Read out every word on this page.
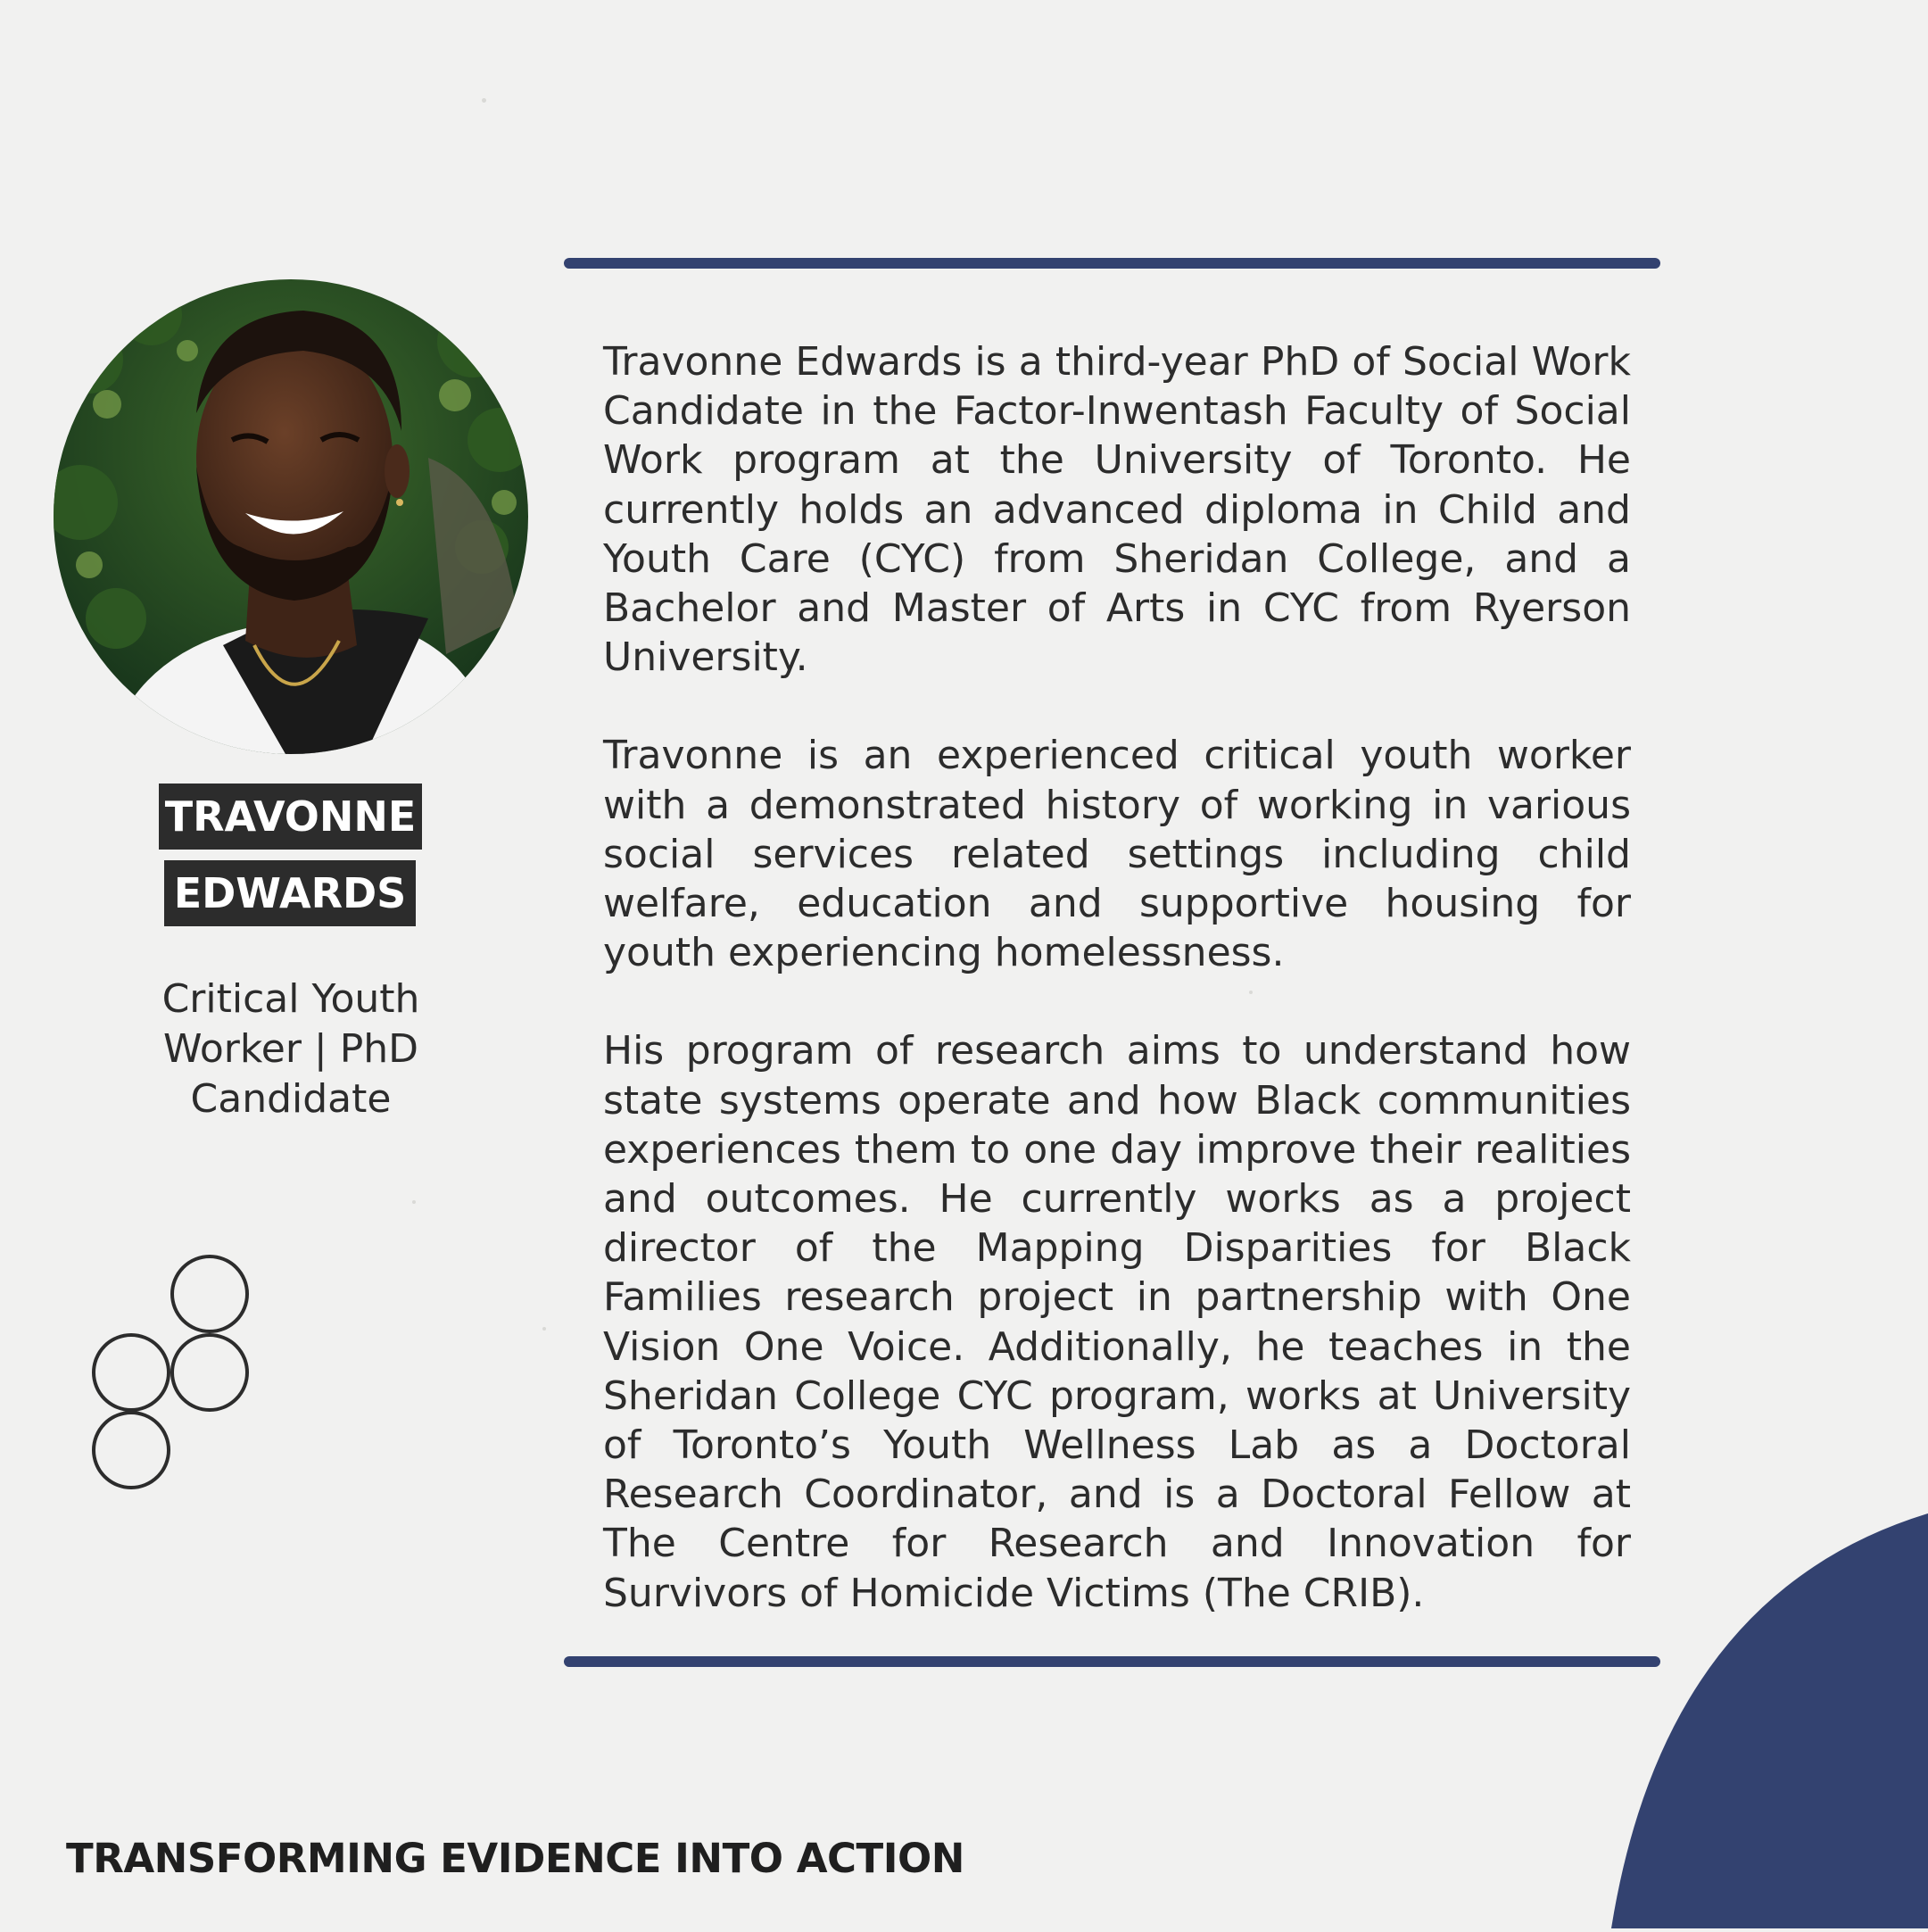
TRAVONNE
EDWARDS
Critical Youth Worker | PhD Candidate

Travonne Edwards is a third-year PhD of Social Work Candidate in the Factor-Inwentash Faculty of Social Work program at the University of Toronto. He currently holds an advanced diploma in Child and Youth Care (CYC) from Sheridan College, and a Bachelor and Master of Arts in CYC from Ryerson University.

Travonne is an experienced critical youth worker with a demonstrated history of working in various social services related settings including child welfare, education and supportive housing for youth experiencing homelessness.

His program of research aims to understand how state systems operate and how Black communities experiences them to one day improve their realities and outcomes. He currently works as a project director of the Mapping Disparities for Black Families research project in partnership with One Vision One Voice. Additionally, he teaches in the Sheridan College CYC program, works at University of Toronto’s Youth Wellness Lab as a Doctoral Research Coordinator, and is a Doctoral Fellow at The Centre for Research and Innovation for Survivors of Homicide Victims (The CRIB).

TRANSFORMING EVIDENCE INTO ACTION
